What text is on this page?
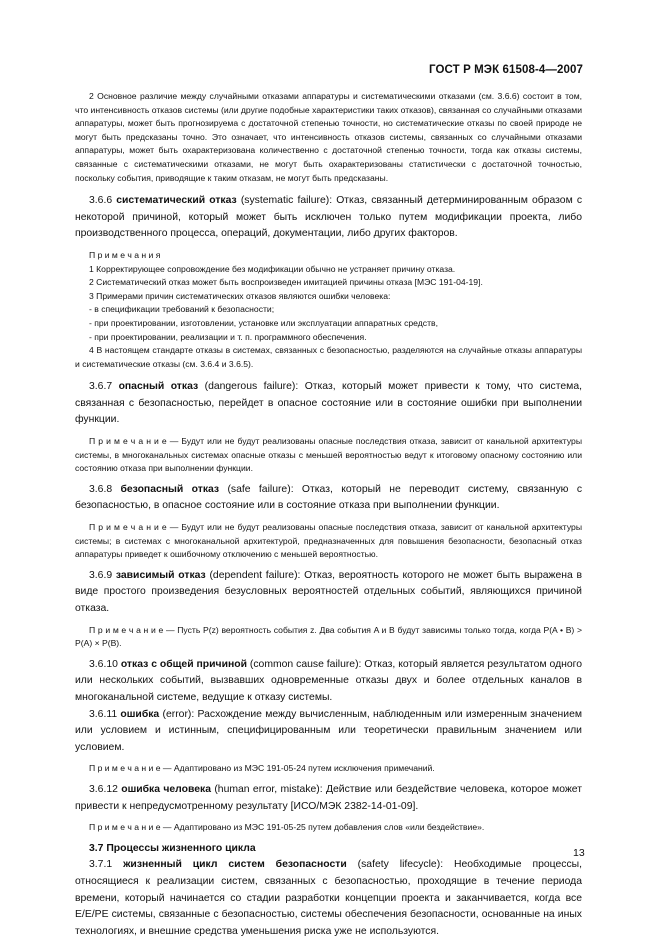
ГОСТ Р МЭК 61508-4—2007

2 Основное различие между случайными отказами аппаратуры и систематическими отказами (см. 3.6.6) состоит в том, что интенсивность отказов системы (или другие подобные характеристики таких отказов), связанная со случайными отказами аппаратуры, может быть прогнозируема с достаточной степенью точности, но систематические отказы по своей природе не могут быть предсказаны точно. Это означает, что интенсивность отказов системы, связанных со случайными отказами аппаратуры, может быть охарактеризована количественно с достаточной степенью точности, тогда как отказы системы, связанные с систематическими отказами, не могут быть охарактеризованы статистически с достаточной точностью, поскольку события, приводящие к таким отказам, не могут быть предсказаны.

3.6.6 систематический отказ (systematic failure): Отказ, связанный детерминированным образом с некоторой причиной, который может быть исключен только путем модификации проекта, либо производственного процесса, операций, документации, либо других факторов.

П р и м е ч а н и я

1 Корректирующее сопровождение без модификации обычно не устраняет причину отказа.

2 Систематический отказ может быть воспроизведен имитацией причины отказа [МЭС 191-04-19].

3 Примерами причин систематических отказов являются ошибки человека:

- в спецификации требований к безопасности;

- при проектировании, изготовлении, установке или эксплуатации аппаратных средств,

- при проектировании, реализации и т. п. программного обеспечения.

4 В настоящем стандарте отказы в системах, связанных с безопасностью, разделяются на случайные отказы аппаратуры и систематические отказы (см. 3.6.4 и 3.6.5).

3.6.7 опасный отказ (dangerous failure): Отказ, который может привести к тому, что система, связанная с безопасностью, перейдет в опасное состояние или в состояние ошибки при выполнении функции.

П р и м е ч а н и е — Будут или не будут реализованы опасные последствия отказа, зависит от канальной архитектуры системы, в многоканальных системах опасные отказы с меньшей вероятностью ведут к итоговому опасному состоянию или состоянию отказа при выполнении функции.

3.6.8 безопасный отказ (safe failure): Отказ, который не переводит систему, связанную с безопасностью, в опасное состояние или в состояние отказа при выполнении функции.

П р и м е ч а н и е — Будут или не будут реализованы опасные последствия отказа, зависит от канальной архитектуры системы; в системах с многоканальной архитектурой, предназначенных для повышения безопасности, безопасный отказ аппаратуры приведет к ошибочному отключению с меньшей вероятностью.

3.6.9 зависимый отказ (dependent failure): Отказ, вероятность которого не может быть выражена в виде простого произведения безусловных вероятностей отдельных событий, являющихся причиной отказа.

П р и м е ч а н и е — Пусть P(z) вероятность события z. Два события A и B будут зависимы только тогда, когда P(A • B) > P(A) × P(B).

3.6.10 отказ с общей причиной (common cause failure): Отказ, который является результатом одного или нескольких событий, вызвавших одновременные отказы двух и более отдельных каналов в многоканальной системе, ведущие к отказу системы.

3.6.11 ошибка (error): Расхождение между вычисленным, наблюденным или измеренным значением или условием и истинным, специфицированным или теоретически правильным значением или условием.

П р и м е ч а н и е — Адаптировано из МЭС 191-05-24 путем исключения примечаний.

3.6.12 ошибка человека (human error, mistake): Действие или бездействие человека, которое может привести к непредусмотренному результату [ИСО/МЭК 2382-14-01-09].

П р и м е ч а н и е — Адаптировано из МЭС 191-05-25 путем добавления слов «или бездействие».

3.7 Процессы жизненного цикла

3.7.1 жизненный цикл систем безопасности (safety lifecycle): Необходимые процессы, относящиеся к реализации систем, связанных с безопасностью, проходящие в течение периода времени, который начинается со стадии разработки концепции проекта и заканчивается, когда все E/E/PE системы, связанные с безопасностью, системы обеспечения безопасности, основанные на иных технологиях, и внешние средства уменьшения риска уже не используются.

13
